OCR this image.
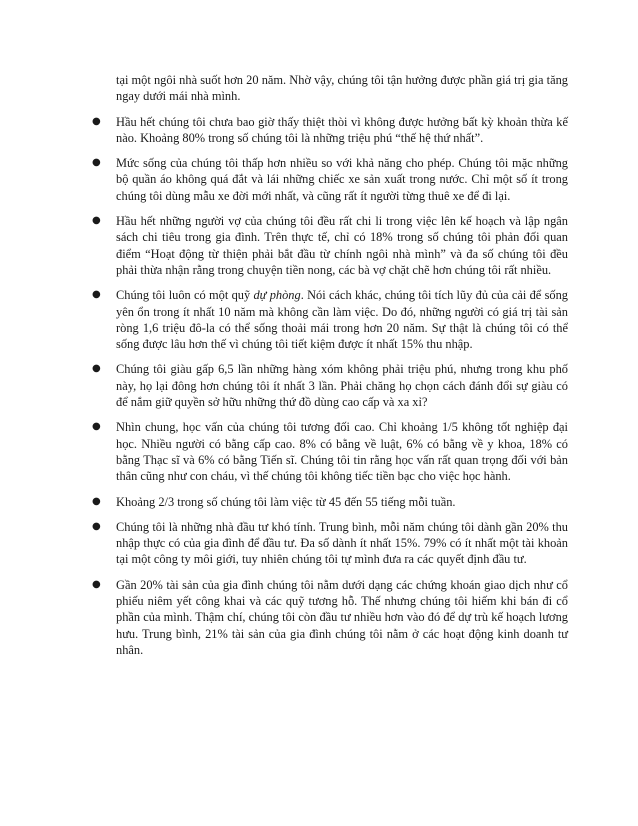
tại một ngôi nhà suốt hơn 20 năm. Nhờ vậy, chúng tôi tận hưởng được phần giá trị gia tăng ngay dưới mái nhà mình.

● Hầu hết chúng tôi chưa bao giờ thấy thiệt thòi vì không được hưởng bất kỳ khoản thừa kế nào. Khoảng 80% trong số chúng tôi là những triệu phú “thế hệ thứ nhất”.
● Mức sống của chúng tôi thấp hơn nhiều so với khả năng cho phép. Chúng tôi mặc những bộ quần áo không quá đắt và lái những chiếc xe sản xuất trong nước. Chỉ một số ít trong chúng tôi dùng mẫu xe đời mới nhất, và cũng rất ít người từng thuê xe để đi lại.
● Hầu hết những người vợ của chúng tôi đều rất chi li trong việc lên kế hoạch và lập ngân sách chi tiêu trong gia đình. Trên thực tế, chỉ có 18% trong số chúng tôi phản đối quan điểm “Hoạt động từ thiện phải bắt đầu từ chính ngôi nhà mình” và đa số chúng tôi đều phải thừa nhận rằng trong chuyện tiền nong, các bà vợ chặt chẽ hơn chúng tôi rất nhiều.
● Chúng tôi luôn có một quỹ dự phòng. Nói cách khác, chúng tôi tích lũy đủ của cải để sống yên ổn trong ít nhất 10 năm mà không cần làm việc. Do đó, những người có giá trị tài sản ròng 1,6 triệu đô-la có thể sống thoải mái trong hơn 20 năm. Sự thật là chúng tôi có thể sống được lâu hơn thế vì chúng tôi tiết kiệm được ít nhất 15% thu nhập.
● Chúng tôi giàu gấp 6,5 lần những hàng xóm không phải triệu phú, nhưng trong khu phố này, họ lại đông hơn chúng tôi ít nhất 3 lần. Phải chăng họ chọn cách đánh đổi sự giàu có để nắm giữ quyền sở hữu những thứ đồ dùng cao cấp và xa xỉ?
● Nhìn chung, học vấn của chúng tôi tương đối cao. Chỉ khoảng 1/5 không tốt nghiệp đại học. Nhiều người có bằng cấp cao. 8% có bằng về luật, 6% có bằng về y khoa, 18% có bằng Thạc sĩ và 6% có bằng Tiến sĩ. Chúng tôi tin rằng học vấn rất quan trọng đối với bản thân cũng như con cháu, vì thế chúng tôi không tiếc tiền bạc cho việc học hành.
● Khoảng 2/3 trong số chúng tôi làm việc từ 45 đến 55 tiếng mỗi tuần.
● Chúng tôi là những nhà đầu tư khó tính. Trung bình, mỗi năm chúng tôi dành gần 20% thu nhập thực có của gia đình để đầu tư. Đa số dành ít nhất 15%. 79% có ít nhất một tài khoản tại một công ty môi giới, tuy nhiên chúng tôi tự mình đưa ra các quyết định đầu tư.
● Gần 20% tài sản của gia đình chúng tôi nằm dưới dạng các chứng khoán giao dịch như cổ phiếu niêm yết công khai và các quỹ tương hỗ. Thế nhưng chúng tôi hiếm khi bán đi cổ phần của mình. Thậm chí, chúng tôi còn đầu tư nhiều hơn vào đó để dự trù kế hoạch lương hưu. Trung bình, 21% tài sản của gia đình chúng tôi nằm ở các hoạt động kinh doanh tư nhân.
